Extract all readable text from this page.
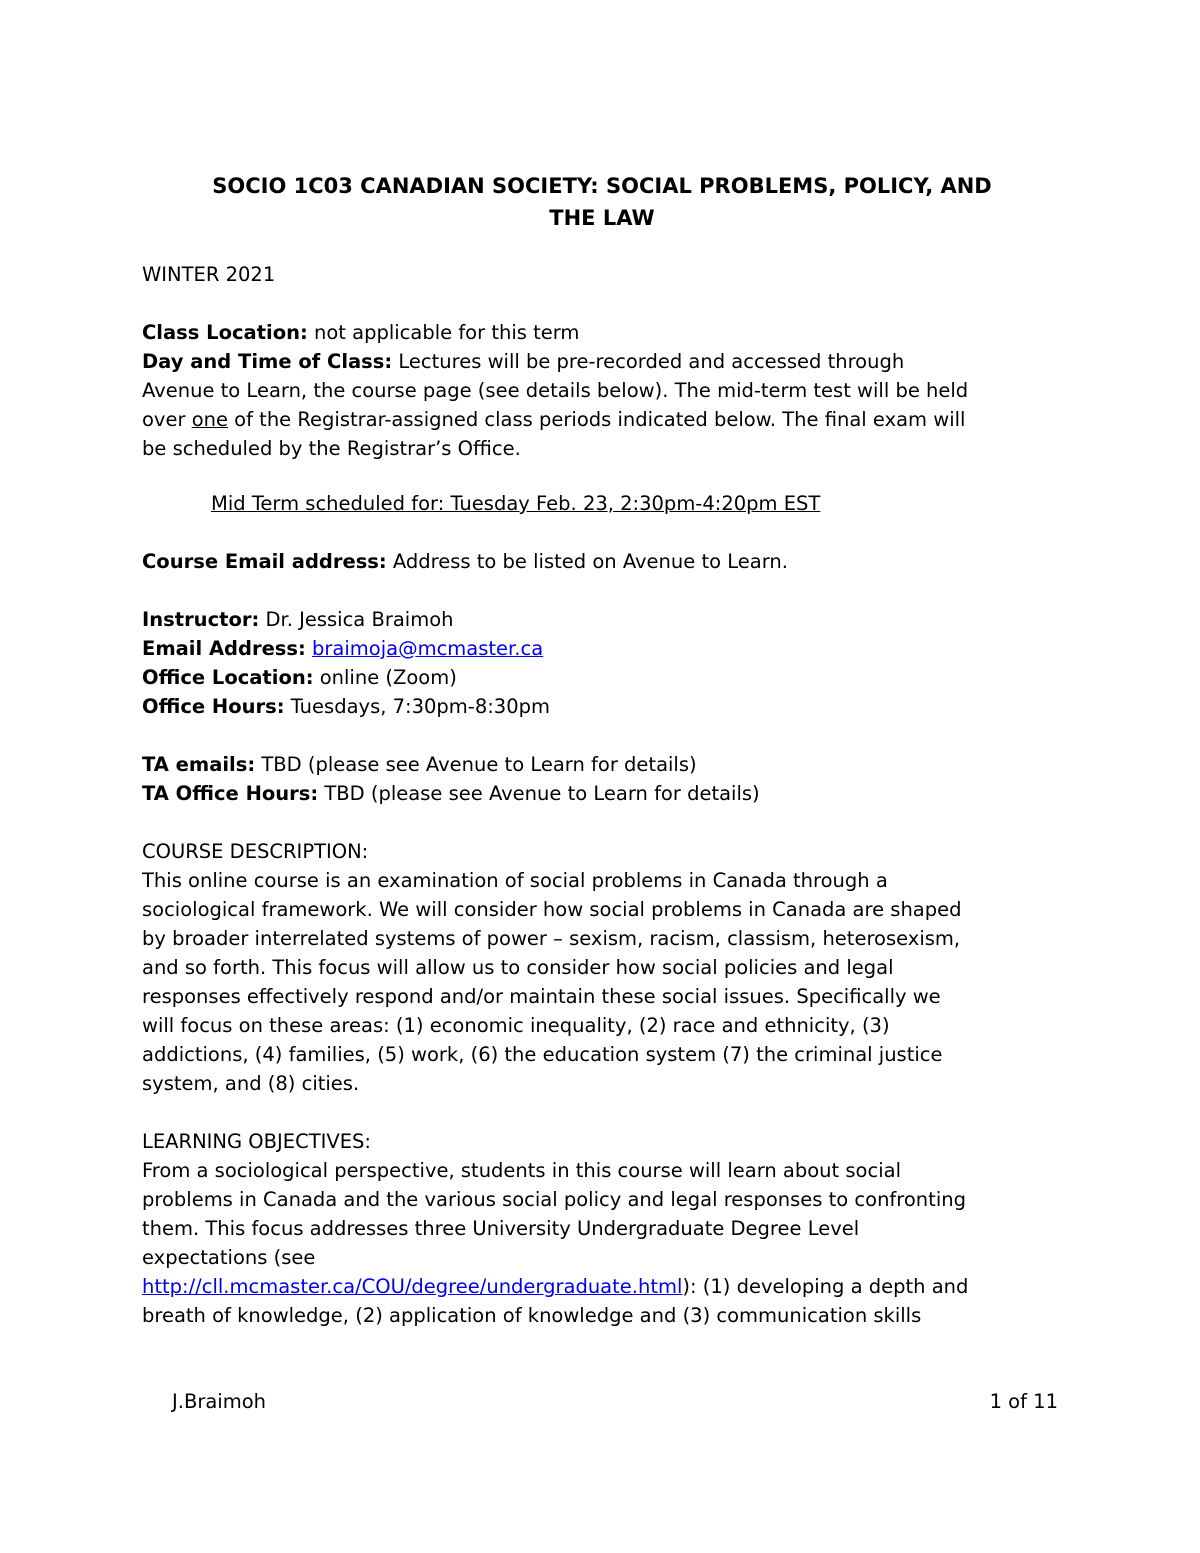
SOCIO 1C03 CANADIAN SOCIETY: SOCIAL PROBLEMS, POLICY, AND

THE LAW

WINTER 2021

Class Location: not applicable for this term

Day and Time of Class: Lectures will be pre-recorded and accessed through

Avenue to Learn, the course page (see details below). The mid-term test will be held

over one of the Registrar-assigned class periods indicated below. The final exam will

be scheduled by the Registrar’s Office.

Mid Term scheduled for: Tuesday Feb. 23, 2:30pm-4:20pm EST

Course Email address: Address to be listed on Avenue to Learn.

Instructor: Dr. Jessica Braimoh

Email Address: braimoja@mcmaster.ca

Office Location: online (Zoom)

Office Hours: Tuesdays, 7:30pm-8:30pm

TA emails: TBD (please see Avenue to Learn for details)

TA Office Hours: TBD (please see Avenue to Learn for details)

COURSE DESCRIPTION:

This online course is an examination of social problems in Canada through a

sociological framework. We will consider how social problems in Canada are shaped

by broader interrelated systems of power – sexism, racism, classism, heterosexism,

and so forth. This focus will allow us to consider how social policies and legal

responses effectively respond and/or maintain these social issues. Specifically we

will focus on these areas: (1) economic inequality, (2) race and ethnicity, (3)

addictions, (4) families, (5) work, (6) the education system (7) the criminal justice

system, and (8) cities.

LEARNING OBJECTIVES:

From a sociological perspective, students in this course will learn about social

problems in Canada and the various social policy and legal responses to confronting

them. This focus addresses three University Undergraduate Degree Level

expectations (see

http://cll.mcmaster.ca/COU/degree/undergraduate.html): (1) developing a depth and

breath of knowledge, (2) application of knowledge and (3) communication skills

J.Braimoh	1 of 11
